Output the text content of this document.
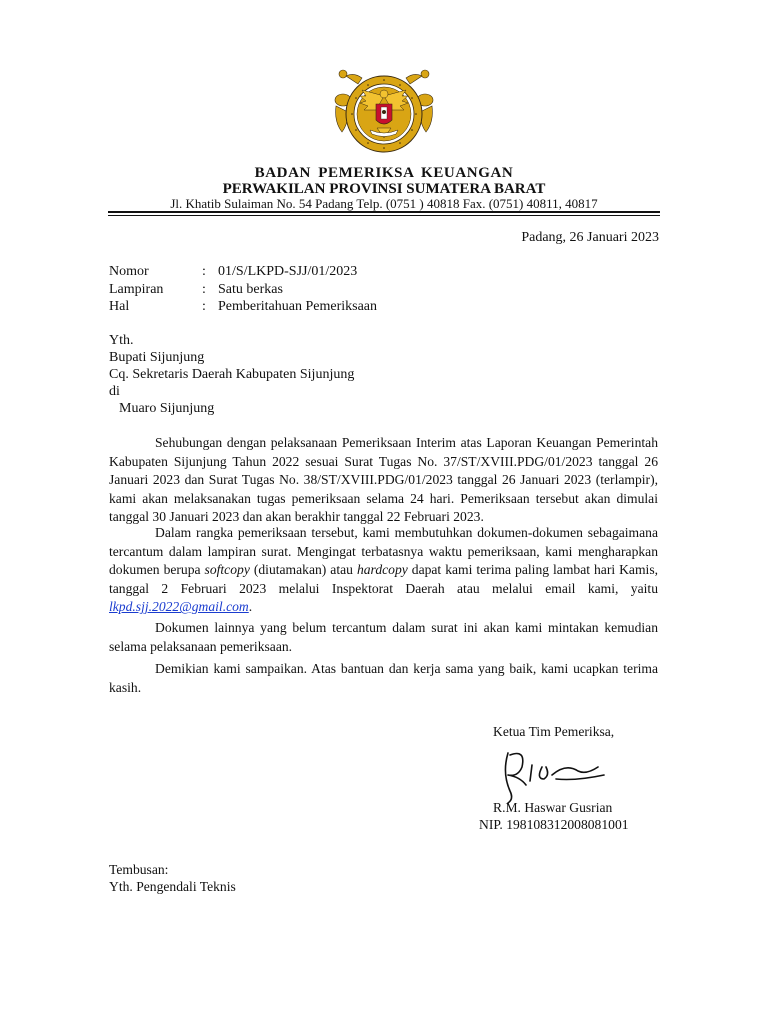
BADAN PEMERIKSA KEUANGAN
PERWAKILAN PROVINSI SUMATERA BARAT
Jl. Khatib Sulaiman No. 54 Padang Telp. (0751 ) 40818 Fax. (0751) 40811, 40817
Padang, 26 Januari 2023
Nomor	: 01/S/LKPD-SJJ/01/2023
Lampiran	: Satu berkas
Hal	: Pemberitahuan Pemeriksaan
Yth.
Bupati Sijunjung
Cq. Sekretaris Daerah Kabupaten Sijunjung
di
Muaro Sijunjung

Sehubungan dengan pelaksanaan Pemeriksaan Interim atas Laporan Keuangan Pemerintah Kabupaten Sijunjung Tahun 2022 sesuai Surat Tugas No. 37/ST/XVIII.PDG/01/2023 tanggal 26 Januari 2023 dan Surat Tugas No. 38/ST/XVIII.PDG/01/2023 tanggal 26 Januari 2023 (terlampir), kami akan melaksanakan tugas pemeriksaan selama 24 hari. Pemeriksaan tersebut akan dimulai tanggal 30 Januari 2023 dan akan berakhir tanggal 22 Februari 2023.

Dalam rangka pemeriksaan tersebut, kami membutuhkan dokumen-dokumen sebagaimana tercantum dalam lampiran surat. Mengingat terbatasnya waktu pemeriksaan, kami mengharapkan dokumen berupa softcopy (diutamakan) atau hardcopy dapat kami terima paling lambat hari Kamis, tanggal 2 Februari 2023 melalui Inspektorat Daerah atau melalui email kami, yaitu lkpd.sjj.2022@gmail.com.

Dokumen lainnya yang belum tercantum dalam surat ini akan kami mintakan kemudian selama pelaksanaan pemeriksaan.

Demikian kami sampaikan. Atas bantuan dan kerja sama yang baik, kami ucapkan terima kasih.

Ketua Tim Pemeriksa,
R.M. Haswar Gusrian
NIP. 198108312008081001
Tembusan:
Yth. Pengendali Teknis
